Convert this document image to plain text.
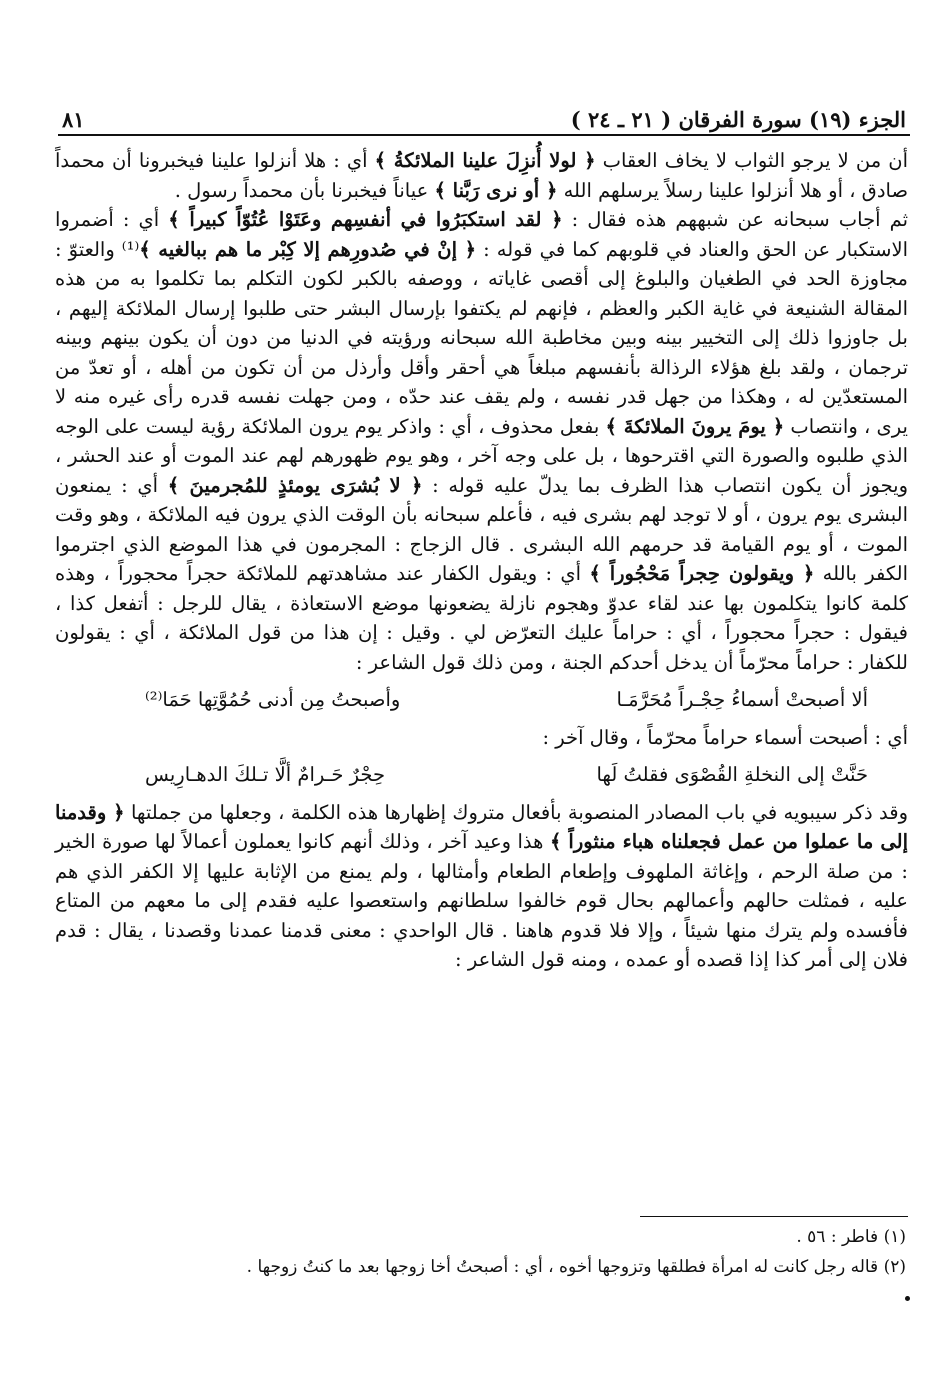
الجزء (١٩) سورة الفرقان ( ٢١ ـ ٢٤ )
٨١

أن من لا يرجو الثواب لا يخاف العقاب ﴿ لولا أُنزِلَ علينا الملائكةُ ﴾ أي : هلا أنزلوا علينا فيخبرونا أن محمداً صادق ، أو هلا أنزلوا علينا رسلاً يرسلهم الله ﴿ أو نرى رَبَّنا ﴾ عياناً فيخبرنا بأن محمداً رسول .

ثم أجاب سبحانه عن شبههم هذه فقال : ﴿ لقد استكبَرُوا في أنفسِهم وعَتَوْا عُتُوّاً كبيراً ﴾ أي : أضمروا الاستكبار عن الحق والعناد في قلوبهم كما في قوله : ﴿ إنْ في صُدورِهم إلا كِبْر ما هم ببالغيه ﴾⁽¹⁾ والعتوّ : مجاوزة الحد في الطغيان والبلوغ إلى أقصى غاياته ، ووصفه بالكبر لكون التكلم بما تكلموا به من هذه المقالة الشنيعة في غاية الكبر والعظم ، فإنهم لم يكتفوا بإرسال البشر حتى طلبوا إرسال الملائكة إليهم ، بل جاوزوا ذلك إلى التخيير بينه وبين مخاطبة الله سبحانه ورؤيته في الدنيا من دون أن يكون بينهم وبينه ترجمان ، ولقد بلغ هؤلاء الرذالة بأنفسهم مبلغاً هي أحقر وأقل وأرذل من أن تكون من أهله ، أو تعدّ من المستعدّين له ، وهكذا من جهل قدر نفسه ، ولم يقف عند حدّه ، ومن جهلت نفسه قدره رأى غيره منه لا يرى ، وانتصاب ﴿ يومَ يرونَ الملائكةَ ﴾ بفعل محذوف ، أي : واذكر يوم يرون الملائكة رؤية ليست على الوجه الذي طلبوه والصورة التي اقترحوها ، بل على وجه آخر ، وهو يوم ظهورهم لهم عند الموت أو عند الحشر ، ويجوز أن يكون انتصاب هذا الظرف بما يدلّ عليه قوله : ﴿ لا بُشرَى يومئذٍ للمُجرمينَ ﴾ أي : يمنعون البشرى يوم يرون ، أو لا توجد لهم بشرى فيه ، فأعلم سبحانه بأن الوقت الذي يرون فيه الملائكة ، وهو وقت الموت ، أو يوم القيامة قد حرمهم الله البشرى . قال الزجاج : المجرمون في هذا الموضع الذي اجترموا الكفر بالله ﴿ ويقولون حِجراً مَحْجُوراً ﴾ أي : ويقول الكفار عند مشاهدتهم للملائكة حجراً محجوراً ، وهذه كلمة كانوا يتكلمون بها عند لقاء عدوّ وهجوم نازلة يضعونها موضع الاستعاذة ، يقال للرجل : أتفعل كذا ، فيقول : حجراً محجوراً ، أي : حراماً عليك التعرّض لي . وقيل : إن هذا من قول الملائكة ، أي : يقولون للكفار : حراماً محرّماً أن يدخل أحدكم الجنة ، ومن ذلك قول الشاعر :

ألا أصبحتْ أسماءُ حِجْـراً مُحَرَّمَـا
وأصبحتُ مِن أدنى حُمُوَّتِها حَمَا⁽²⁾

أي : أصبحت أسماء حراماً محرّماً ، وقال آخر :

حَنَّتْ إلى النخلةِ القُصْوَى فقلتُ لَها
حِجْرٌ حَـرامٌ ألَّا تـلكَ الدهـارِيس

وقد ذكر سيبويه في باب المصادر المنصوبة بأفعال متروك إظهارها هذه الكلمة ، وجعلها من جملتها ﴿ وقدمنا إلى ما عملوا من عمل فجعلناه هباء منثوراً ﴾ هذا وعيد آخر ، وذلك أنهم كانوا يعملون أعمالاً لها صورة الخير : من صلة الرحم ، وإغاثة الملهوف وإطعام الطعام وأمثالها ، ولم يمنع من الإثابة عليها إلا الكفر الذي هم عليه ، فمثلت حالهم وأعمالهم بحال قوم خالفوا سلطانهم واستعصوا عليه فقدم إلى ما معهم من المتاع فأفسده ولم يترك منها شيئاً ، وإلا فلا قدوم هاهنا . قال الواحدي : معنى قدمنا عمدنا وقصدنا ، يقال : قدم فلان إلى أمر كذا إذا قصده أو عمده ، ومنه قول الشاعر :

(١) فاطر : ٥٦ .

(٢) قاله رجل كانت له امرأة فطلقها وتزوجها أخوه ، أي : أصبحتُ أخا زوجها بعد ما كنتُ زوجها .
